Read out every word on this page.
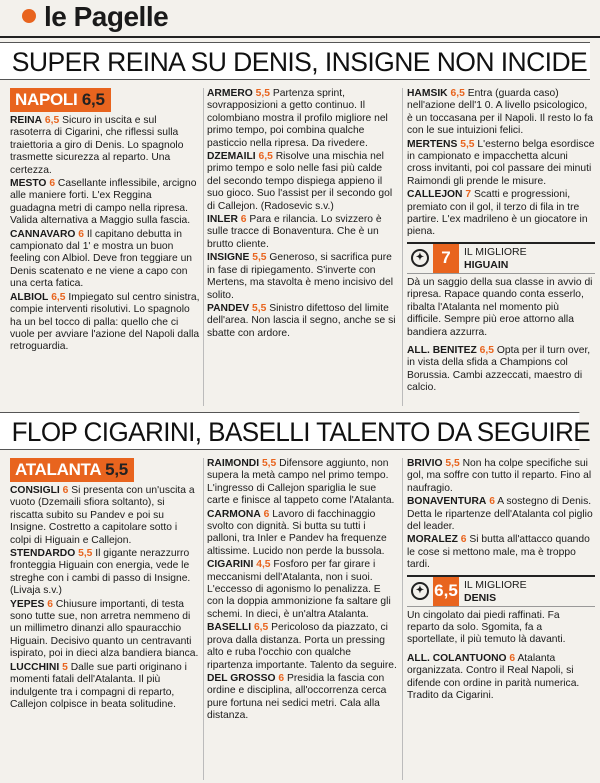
le Pagelle
SUPER REINA SU DENIS, INSIGNE NON INCIDE
NAPOLI 6,5

REINA 6,5 Sicuro in uscita e sul rasoterra di Cigarini, che riflessi sulla traiettoria a giro di Denis. Lo spagnolo trasmette sicurezza al reparto. Una certezza.

MESTO 6 Casellante inflessibile, arcigno alle maniere forti. L'ex Reggina guadagna metri di campo nella ripresa. Valida alternativa a Maggio sulla fascia.

CANNAVARO 6 Il capitano debutta in campionato dal 1' e mostra un buon feeling con Albiol. Deve fron teggiare un Denis scatenato e ne viene a capo con una certa fatica.

ALBIOL 6,5 Impiegato sul centro sinistra, compie interventi risolutivi. Lo spagnolo ha un bel tocco di palla: quello che ci vuole per avviare l'azione del Napoli dalla retroguardia.

ARMERO 5,5 Partenza sprint, sovrapposizioni a getto continuo. Il colombiano mostra il profilo migliore nel primo tempo, poi combina qualche pasticcio nella ripresa. Da rivedere.

DZEMAILI 6,5 Risolve una mischia nel primo tempo e solo nelle fasi più calde del secondo tempo dispiega appieno il suo gioco. Suo l'assist per il secondo gol di Callejon. (Radosevic s.v.)

INLER 6 Para e rilancia. Lo svizzero è sulle tracce di Bonaventura. Che è un brutto cliente.

INSIGNE 5,5 Generoso, si sacrifica pure in fase di ripiegamento. S'inverte con Mertens, ma stavolta è meno incisivo del solito.

PANDEV 5,5 Sinistro difettoso del limite dell'area. Non lascia il segno, anche se si sbatte con ardore.

HAMSIK 6,5 Entra (guarda caso) nell'azione dell'1 0. A livello psicologico, è un toccasana per il Napoli. Il resto lo fa con le sue intuizioni felici.

MERTENS 5,5 L'esterno belga esordisce in campionato e impacchetta alcuni cross invitanti, poi col passare dei minuti Raimondi gli prende le misure.

CALLEJON 7 Scatti e progressioni, premiato con il gol, il terzo di fila in tre partire. L'ex madrileno è un giocatore in piena.

✦	7	IL MIGLIORE
HIGUAIN

Dà un saggio della sua classe in avvio di ripresa. Rapace quando conta esserlo, ribalta l'Atalanta nel momento più difficile. Sempre più eroe attorno alla bandiera azzurra.

ALL. BENITEZ 6,5 Opta per il turn over, in vista della sfida a Champions col Borussia. Cambi azzeccati, maestro di calcio.

FLOP CIGARINI, BASELLI TALENTO DA SEGUIRE
ATALANTA 5,5

CONSIGLI 6 Si presenta con un'uscita a vuoto (Dzemaili sfiora soltanto), si riscatta subito su Pandev e poi su Insigne. Costretto a capitolare sotto i colpi di Higuain e Callejon.

STENDARDO 5,5 Il gigante nerazzurro fronteggia Higuain con energia, vede le streghe con i cambi di passo di Insigne. (Livaja s.v.)

YEPES 6 Chiusure importanti, di testa sono tutte sue, non arretra nemmeno di un millimetro dinanzi allo spauracchio Higuain. Decisivo quanto un centravanti ispirato, poi in dieci alza bandiera bianca.

LUCCHINI 5 Dalle sue parti originano i momenti fatali dell'Atalanta. Il più indulgente tra i compagni di reparto, Callejon colpisce in beata solitudine.

RAIMONDI 5,5 Difensore aggiunto, non supera la metà campo nel primo tempo. L'ingresso di Callejon spariglia le sue carte e finisce al tappeto come l'Atalanta.

CARMONA 6 Lavoro di facchinaggio svolto con dignità. Si butta su tutti i palloni, tra Inler e Pandev ha frequenze altissime. Lucido non perde la bussola.

CIGARINI 4,5 Fosforo per far girare i meccanismi dell'Atalanta, non i suoi. L'eccesso di agonismo lo penalizza. E con la doppia ammonizione fa saltare gli schemi. In dieci, è un'altra Atalanta.

BASELLI 6,5 Pericoloso da piazzato, ci prova dalla distanza. Porta un pressing alto e ruba l'occhio con qualche ripartenza importante. Talento da seguire.

DEL GROSSO 6 Presidia la fascia con ordine e disciplina, all'occorrenza cerca pure fortuna nei sedici metri. Cala alla distanza.

BRIVIO 5,5 Non ha colpe specifiche sui gol, ma soffre con tutto il reparto. Fino al naufragio.

BONAVENTURA 6 A sostegno di Denis. Detta le ripartenze dell'Atalanta col piglio del leader.

MORALEZ 6 Si butta all'attacco quando le cose si mettono male, ma è troppo tardi.

✦ 6,5 IL MIGLIORE
DENIS

Un cingolato dai piedi raffinati. Fa reparto da solo. Sgomita, fa a sportellate, il più temuto là davanti.

ALL. COLANTUONO 6 Atalanta organizzata. Contro il Real Napoli, si difende con ordine in parità numerica. Tradito da Cigarini.
